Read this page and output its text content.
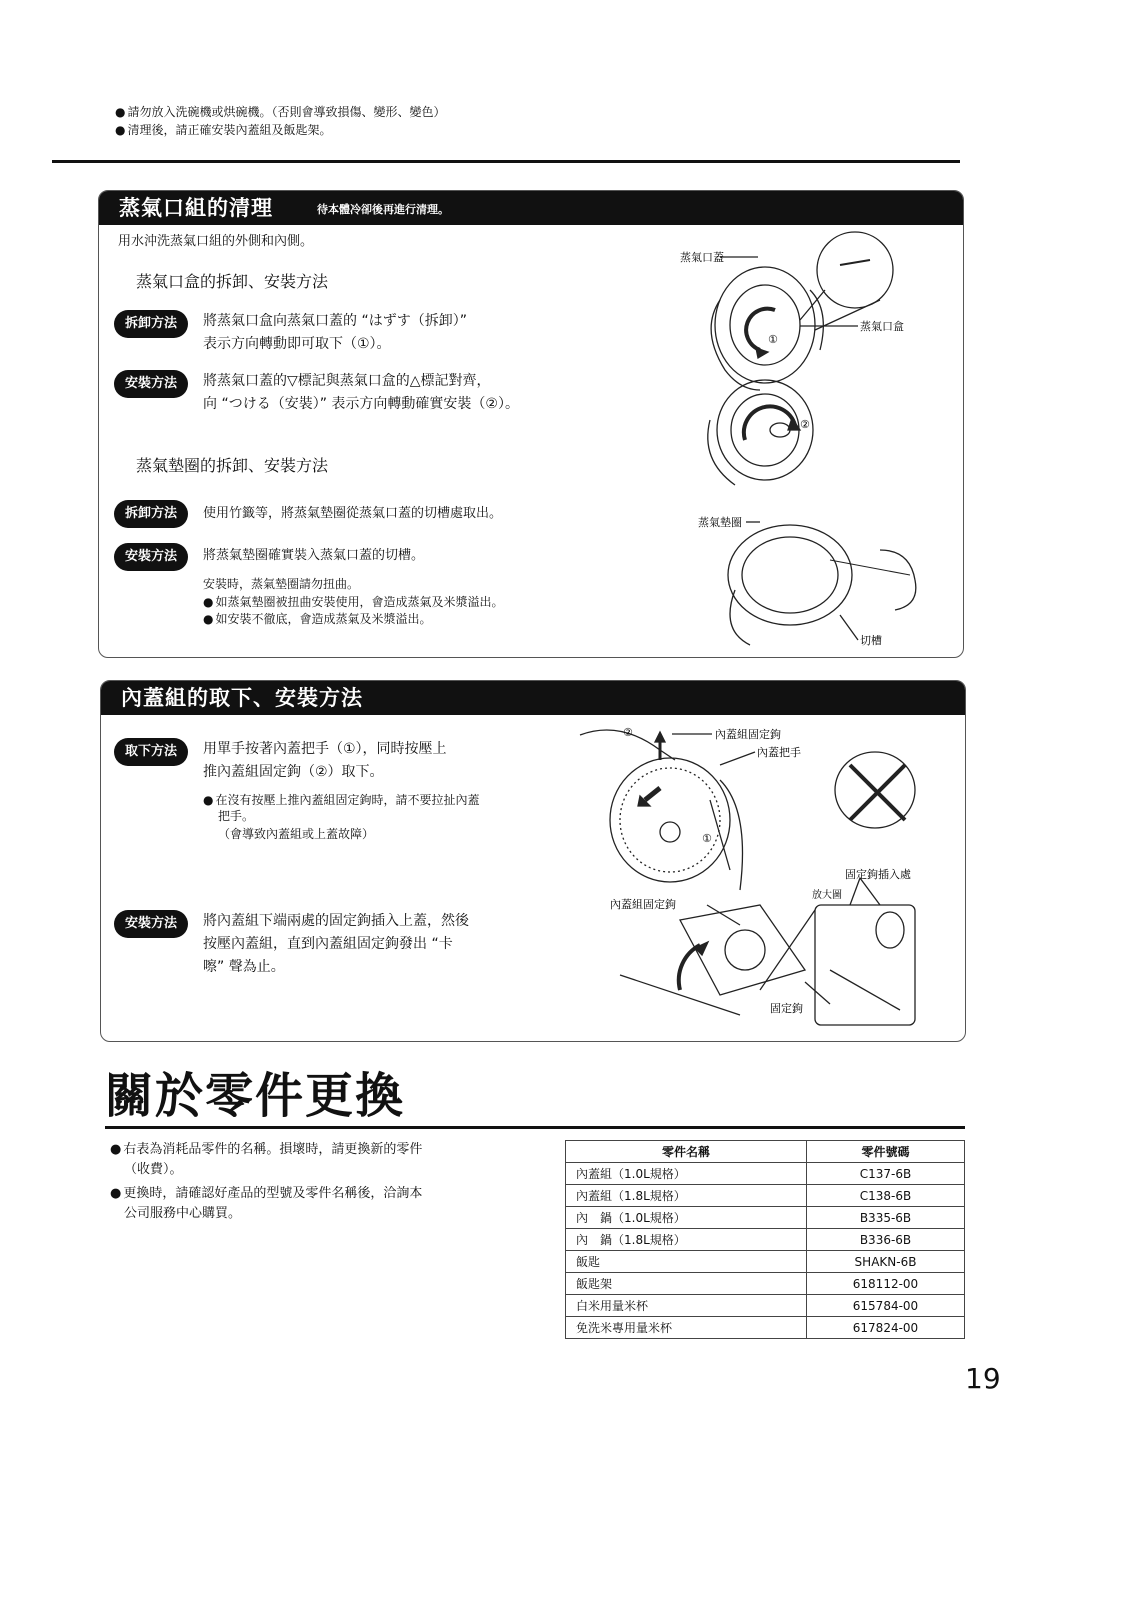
● 請勿放入洗碗機或烘碗機。（否則會導致損傷、變形、變色）
● 清理後，請正確安裝內蓋組及飯匙架。
蒸氣口組的清理	待本體冷卻後再進行清理。
用水沖洗蒸氣口組的外側和內側。
蒸氣口盒的拆卸、安裝方法
拆卸方法	將蒸氣口盒向蒸氣口蓋的 “はずす（拆卸）”
表示方向轉動即可取下（①）。
安裝方法	將蒸氣口蓋的▽標記與蒸氣口盒的△標記對齊，
向 “つける（安裝）” 表示方向轉動確實安裝（②）。
蒸氣墊圈的拆卸、安裝方法
拆卸方法	使用竹籤等，將蒸氣墊圈從蒸氣口蓋的切槽處取出。
安裝方法	將蒸氣墊圈確實裝入蒸氣口蓋的切槽。
安裝時，蒸氣墊圈請勿扭曲。
● 如蒸氣墊圈被扭曲安裝使用，會造成蒸氣及米漿溢出。
● 如安裝不徹底，會造成蒸氣及米漿溢出。
蒸氣口蓋
蒸氣口盒
①
②
蒸氣墊圈
切槽
內蓋組的取下、安裝方法
取下方法	用單手按著內蓋把手（①），同時按壓上
推內蓋組固定鉤（②）取下。
● 在沒有按壓上推內蓋組固定鉤時，請不要拉扯內蓋
把手。
（會導致內蓋組或上蓋故障）
安裝方法	將內蓋組下端兩處的固定鉤插入上蓋，然後
按壓內蓋組，直到內蓋組固定鉤發出 “卡
嚓” 聲為止。
②
①
內蓋組固定鉤
內蓋把手
固定鉤插入處
放大圖
內蓋組固定鉤
固定鉤
關於零件更換
● 右表為消耗品零件的名稱。損壞時，請更換新的零件
（收費）。
● 更換時，請確認好產品的型號及零件名稱後，洽詢本
公司服務中心購買。
零件名稱	零件號碼
內蓋組（1.0L規格）	C137-6B
內蓋組（1.8L規格）	C138-6B
內　鍋（1.0L規格）	B335-6B
內　鍋（1.8L規格）	B336-6B
飯匙	SHAKN-6B
飯匙架	618112-00
白米用量米杯	615784-00
免洗米專用量米杯	617824-00
19
